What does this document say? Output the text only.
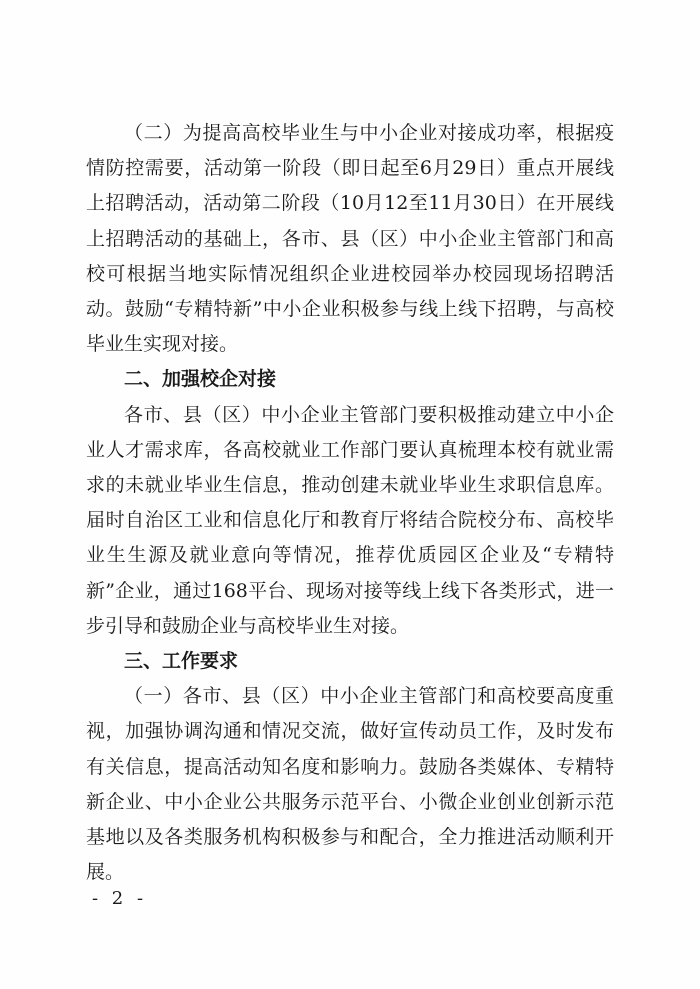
（二）为提高高校毕业生与中小企业对接成功率，根据疫情防控需要，活动第一阶段（即日起至6月29日）重点开展线上招聘活动，活动第二阶段（10月12至11月30日）在开展线上招聘活动的基础上，各市、县（区）中小企业主管部门和高校可根据当地实际情况组织企业进校园举办校园现场招聘活动。鼓励“专精特新”中小企业积极参与线上线下招聘，与高校毕业生实现对接。

二、加强校企对接

各市、县（区）中小企业主管部门要积极推动建立中小企业人才需求库，各高校就业工作部门要认真梳理本校有就业需求的未就业毕业生信息，推动创建未就业毕业生求职信息库。届时自治区工业和信息化厅和教育厅将结合院校分布、高校毕业生生源及就业意向等情况，推荐优质园区企业及“专精特新”企业，通过168平台、现场对接等线上线下各类形式，进一步引导和鼓励企业与高校毕业生对接。

三、工作要求

（一）各市、县（区）中小企业主管部门和高校要高度重视，加强协调沟通和情况交流，做好宣传动员工作，及时发布有关信息，提高活动知名度和影响力。鼓励各类媒体、专精特新企业、中小企业公共服务示范平台、小微企业创业创新示范基地以及各类服务机构积极参与和配合，全力推进活动顺利开展。

- 2 -
